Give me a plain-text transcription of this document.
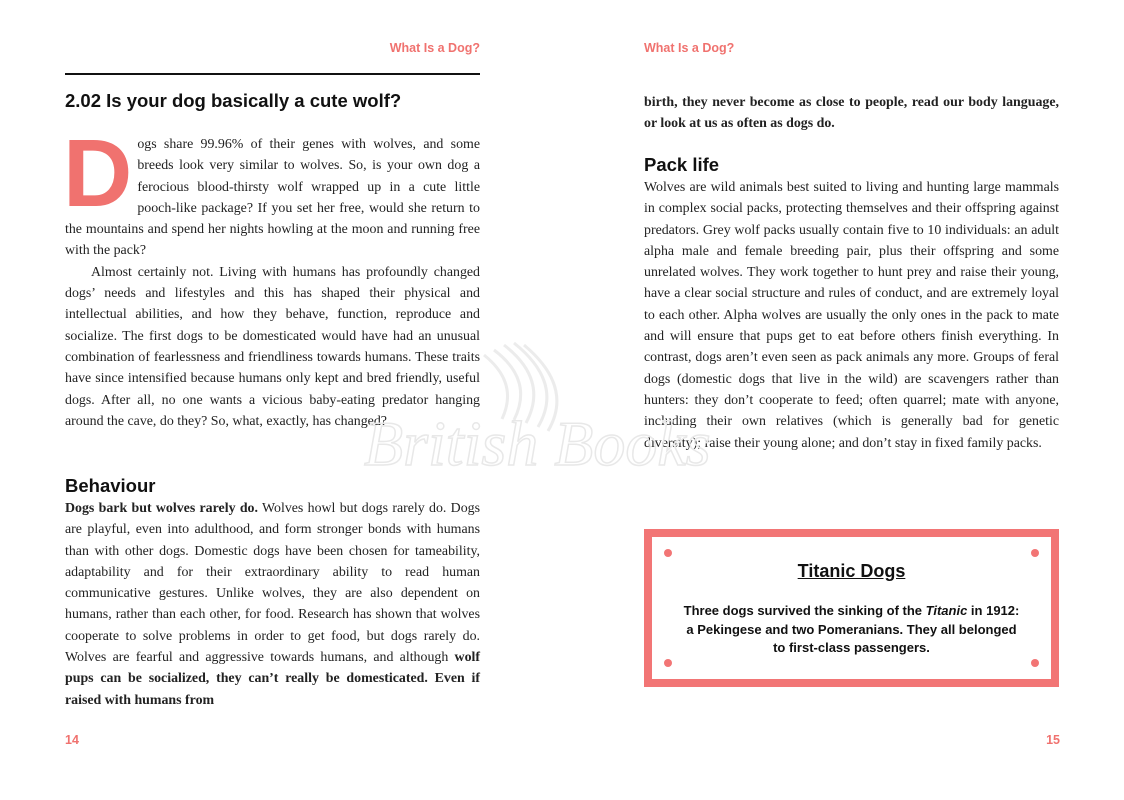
What Is a Dog?
2.02 Is your dog basically a cute wolf?
D ogs share 99.96% of their genes with wolves, and some breeds look very similar to wolves. So, is your own dog a ferocious blood-thirsty wolf wrapped up in a cute little pooch-like package? If you set her free, would she return to the mountains and spend her nights howling at the moon and running free with the pack?

Almost certainly not. Living with humans has profoundly changed dogs’ needs and lifestyles and this has shaped their physical and intellectual abilities, and how they behave, function, reproduce and socialize. The first dogs to be domesticated would have had an unusual combination of fearlessness and friendliness towards humans. These traits have since intensified because humans only kept and bred friendly, useful dogs. After all, no one wants a vicious baby-eating predator hanging around the cave, do they? So, what, exactly, has changed?

Behaviour

Dogs bark but wolves rarely do. Wolves howl but dogs rarely do. Dogs are playful, even into adulthood, and form stronger bonds with humans than with other dogs. Domestic dogs have been chosen for tameability, adaptability and for their extraordinary ability to read human communicative gestures. Unlike wolves, they are also dependent on humans, rather than each other, for food. Research has shown that wolves cooperate to solve problems in order to get food, but dogs rarely do. Wolves are fearful and aggressive towards humans, and although wolf pups can be socialized, they can’t really be domesticated. Even if raised with humans from

14
What Is a Dog?

birth, they never become as close to people, read our body language, or look at us as often as dogs do.

Pack life

Wolves are wild animals best suited to living and hunting large mammals in complex social packs, protecting themselves and their offspring against predators. Grey wolf packs usually contain five to 10 individuals: an adult alpha male and female breeding pair, plus their offspring and some unrelated wolves. They work together to hunt prey and raise their young, have a clear social structure and rules of conduct, and are extremely loyal to each other. Alpha wolves are usually the only ones in the pack to mate and will ensure that pups get to eat before others finish everything. In contrast, dogs aren’t even seen as pack animals any more. Groups of feral dogs (domestic dogs that live in the wild) are scavengers rather than hunters: they don’t cooperate to feed; often quarrel; mate with anyone, including their own relatives (which is generally bad for genetic diversity); raise their young alone; and don’t stay in fixed family packs.

15
British Books
Titanic Dogs

Three dogs survived the sinking of the Titanic in 1912: a Pekingese and two Pomeranians. They all belonged to first-class passengers.
